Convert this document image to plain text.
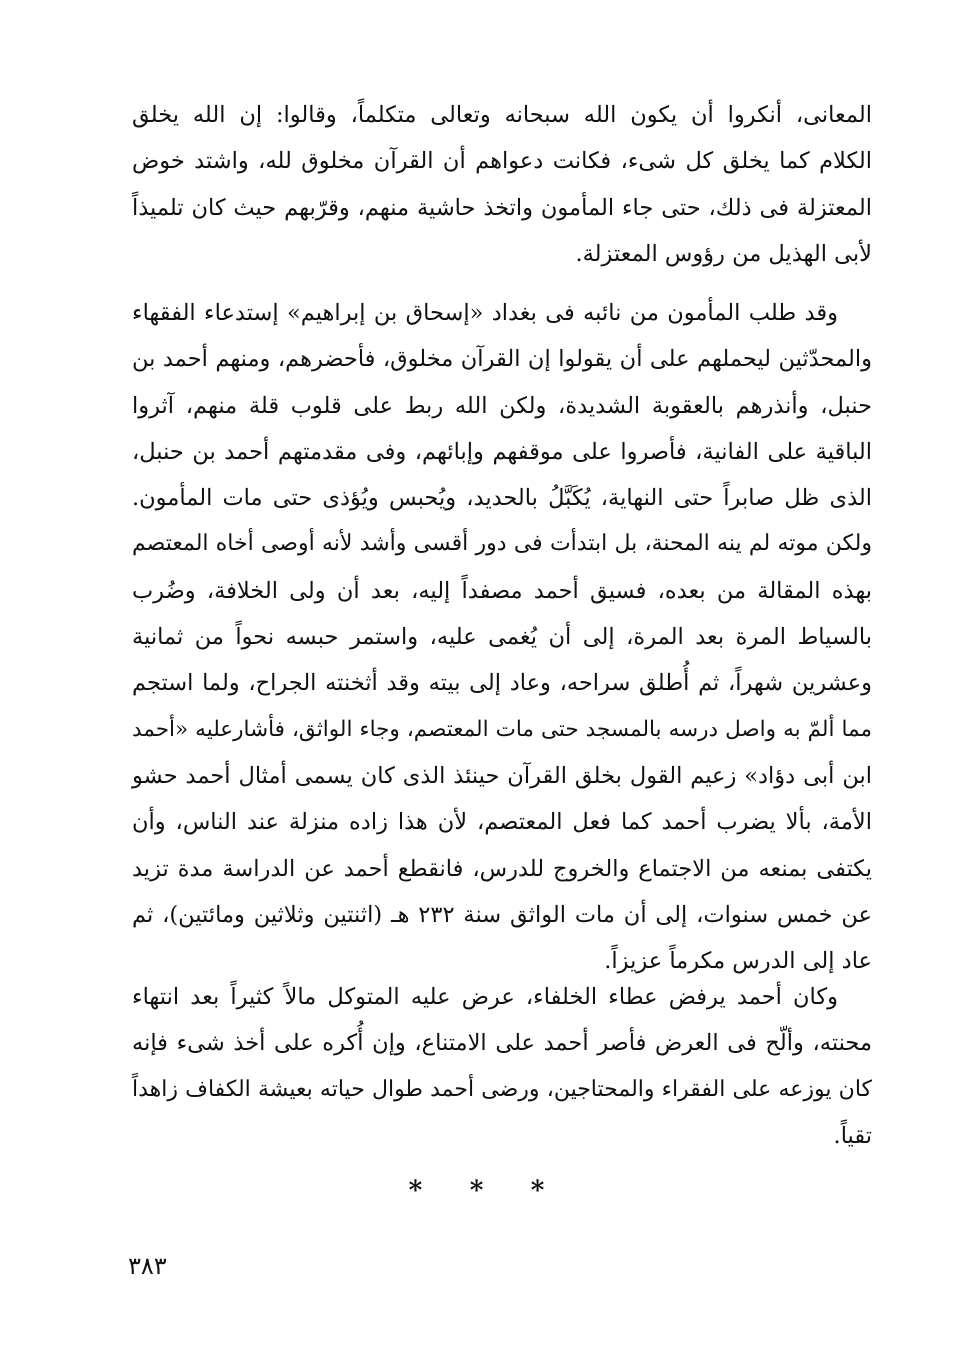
المعانى، أنكروا أن يكون الله سبحانه وتعالى متكلماً، وقالوا: إن الله يخلق
الكلام كما يخلق كل شىء، فكانت دعواهم أن القرآن مخلوق لله، واشتد خوض
المعتزلة فى ذلك، حتى جاء المأمون واتخذ حاشية منهم، وقرّبهم حيث كان تلميذاً
لأبى الهذيل من رؤوس المعتزلة.
وقد طلب المأمون من نائبه فى بغداد «إسحاق بن إبراهيم» إستدعاء الفقهاء
والمحدّثين ليحملهم على أن يقولوا إن القرآن مخلوق، فأحضرهم، ومنهم أحمد بن
حنبل، وأنذرهم بالعقوبة الشديدة، ولكن الله ربط على قلوب قلة منهم، آثروا
الباقية على الفانية، فأصروا على موقفهم وإبائهم، وفى مقدمتهم أحمد بن حنبل،
الذى ظل صابراً حتى النهاية، يُكَبَّلُ بالحديد، ويُحبس ويُؤذى حتى مات المأمون.
ولكن موته لم ينه المحنة، بل ابتدأت فى دور أقسى وأشد لأنه أوصى أخاه المعتصم
بهذه المقالة من بعده، فسيق أحمد مصفداً إليه، بعد أن ولى الخلافة، وضُرب
بالسياط المرة بعد المرة، إلى أن يُغمى عليه، واستمر حبسه نحواً من ثمانية
وعشرين شهراً، ثم أُطلق سراحه، وعاد إلى بيته وقد أثخنته الجراح، ولما استجم
مما ألمّ به واصل درسه بالمسجد حتى مات المعتصم، وجاء الواثق، فأشارعليه «أحمد
ابن أبى دؤاد» زعيم القول بخلق القرآن حينئذ الذى كان يسمى أمثال أحمد حشو
الأمة، بألا يضرب أحمد كما فعل المعتصم، لأن هذا زاده منزلة عند الناس، وأن
يكتفى بمنعه من الاجتماع والخروج للدرس، فانقطع أحمد عن الدراسة مدة تزيد
عن خمس سنوات، إلى أن مات الواثق سنة ٢٣٢ هـ (اثنتين وثلاثين ومائتين)، ثم
عاد إلى الدرس مكرماً عزيزاً.
وكان أحمد يرفض عطاء الخلفاء، عرض عليه المتوكل مالاً كثيراً بعد انتهاء
محنته، وألّح فى العرض فأصر أحمد على الامتناع، وإن أُكره على أخذ شىء فإنه
كان يوزعه على الفقراء والمحتاجين، ورضى أحمد طوال حياته بعيشة الكفاف زاهداً
تقياً.
* * *
٣٨٣
